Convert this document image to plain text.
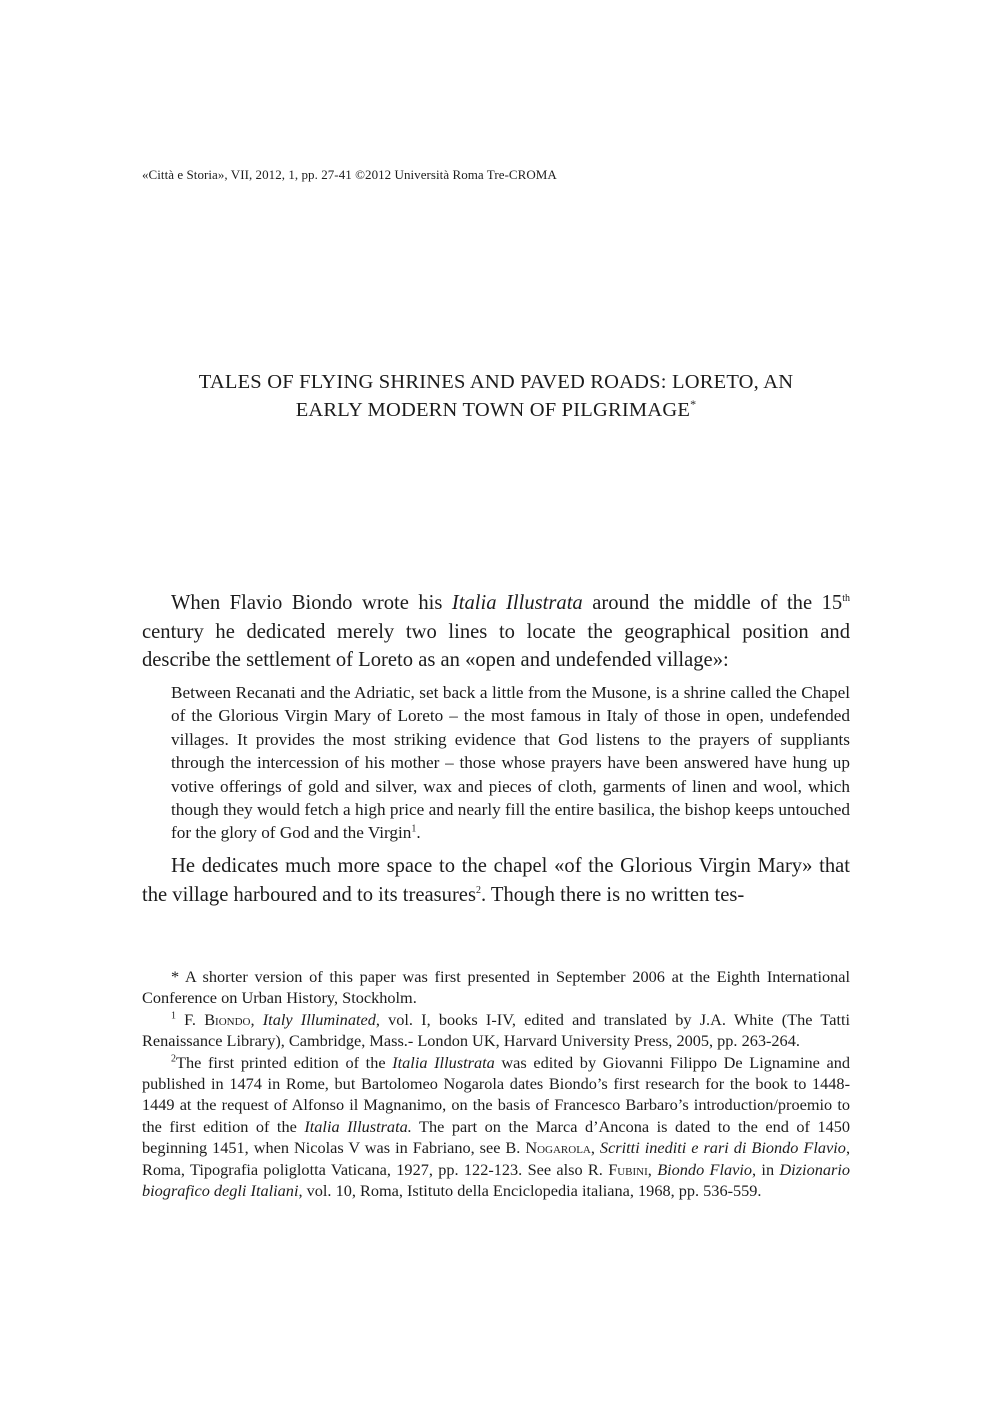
«Città e Storia», VII, 2012, 1, pp. 27-41 ©2012 Università Roma Tre-CROMA
TALES OF FLYING SHRINES AND PAVED ROADS: LORETO, AN
EARLY MODERN TOWN OF PILGRIMAGE*

When Flavio Biondo wrote his Italia Illustrata around the middle of the 15th century he dedicated merely two lines to locate the geographical position and describe the settlement of Loreto as an «open and undefended village»:

Between Recanati and the Adriatic, set back a little from the Musone, is a shrine called the Chapel of the Glorious Virgin Mary of Loreto – the most famous in Italy of those in open, undefended villages. It provides the most striking evidence that God listens to the prayers of suppliants through the intercession of his mother – those whose prayers have been answered have hung up votive offerings of gold and silver, wax and pieces of cloth, garments of linen and wool, which though they would fetch a high price and nearly fill the entire basilica, the bishop keeps untouched for the glory of God and the Virgin$^1$.

He dedicates much more space to the chapel «of the Glorious Virgin Mary» that the village harboured and to its treasures$^2$. Though there is no written tes-

* A shorter version of this paper was first presented in September 2006 at the Eighth International Conference on Urban History, Stockholm.

$^1$ F. Biondo, Italy Illuminated, vol. I, books I-IV, edited and translated by J.A. White (The Tatti Renaissance Library), Cambridge, Mass.- London UK, Harvard University Press, 2005, pp. 263-264.

$^2$The first printed edition of the Italia Illustrata was edited by Giovanni Filippo De Lignamine and published in 1474 in Rome, but Bartolomeo Nogarola dates Biondo’s first research for the book to 1448-1449 at the request of Alfonso il Magnanimo, on the basis of Francesco Barbaro’s introduction/proemio to the first edition of the Italia Illustrata. The part on the Marca d’Ancona is dated to the end of 1450 beginning 1451, when Nicolas V was in Fabriano, see B. Nogarola, Scritti inediti e rari di Biondo Flavio, Roma, Tipografia poliglotta Vaticana, 1927, pp. 122-123. See also R. Fubini, Biondo Flavio, in Dizionario biografico degli Italiani, vol. 10, Roma, Istituto della Enciclopedia italiana, 1968, pp. 536-559.
